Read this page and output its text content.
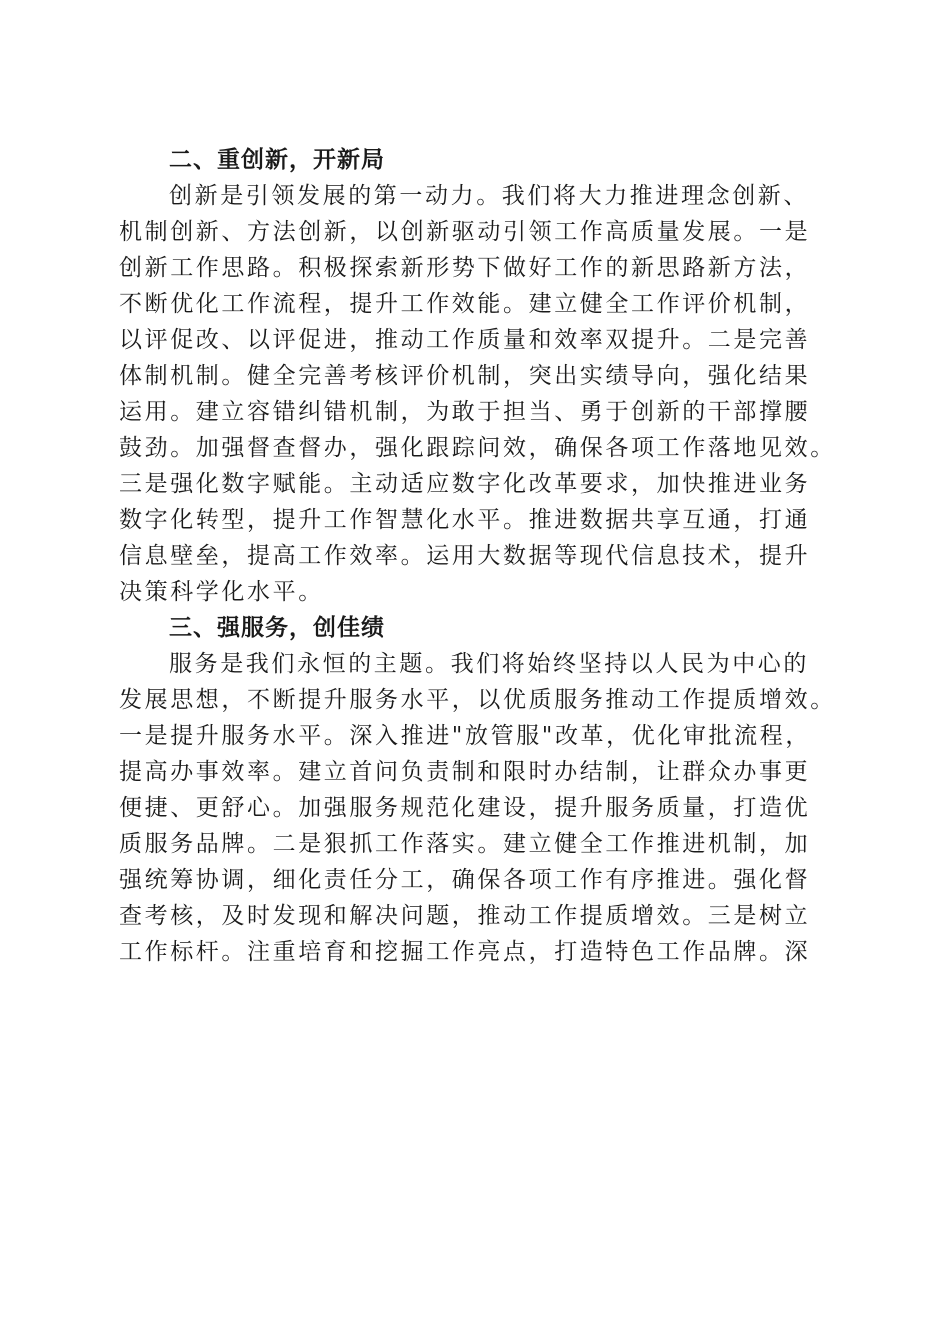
二、重创新，开新局
创新是引领发展的第一动力。我们将大力推进理念创新、
机制创新、方法创新，以创新驱动引领工作高质量发展。一是
创新工作思路。积极探索新形势下做好工作的新思路新方法，
不断优化工作流程，提升工作效能。建立健全工作评价机制，
以评促改、以评促进，推动工作质量和效率双提升。二是完善
体制机制。健全完善考核评价机制，突出实绩导向，强化结果
运用。建立容错纠错机制，为敢于担当、勇于创新的干部撑腰
鼓劲。加强督查督办，强化跟踪问效，确保各项工作落地见效。
三是强化数字赋能。主动适应数字化改革要求，加快推进业务
数字化转型，提升工作智慧化水平。推进数据共享互通，打通
信息壁垒，提高工作效率。运用大数据等现代信息技术，提升
决策科学化水平。
三、强服务，创佳绩
服务是我们永恒的主题。我们将始终坚持以人民为中心的
发展思想，不断提升服务水平，以优质服务推动工作提质增效。
一是提升服务水平。深入推进"放管服"改革，优化审批流程，
提高办事效率。建立首问负责制和限时办结制，让群众办事更
便捷、更舒心。加强服务规范化建设，提升服务质量，打造优
质服务品牌。二是狠抓工作落实。建立健全工作推进机制，加
强统筹协调，细化责任分工，确保各项工作有序推进。强化督
查考核，及时发现和解决问题，推动工作提质增效。三是树立
工作标杆。注重培育和挖掘工作亮点，打造特色工作品牌。深
